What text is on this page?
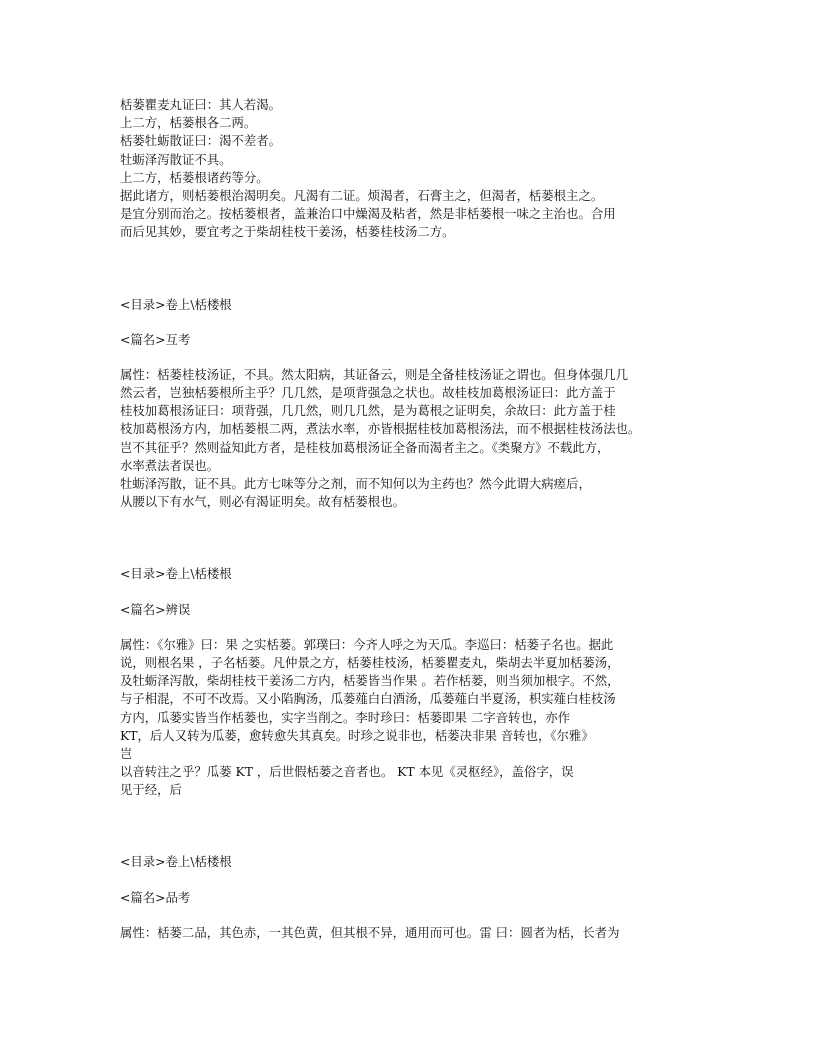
栝蒌瞿麦丸证曰：其人若渴。
上二方，栝蒌根各二两。
栝蒌牡蛎散证曰：渴不差者。
牡蛎泽泻散证不具。
上二方，栝蒌根诸药等分。
据此诸方，则栝蒌根治渴明矣。凡渴有二证。烦渴者，石膏主之，但渴者，栝蒌根主之。
是宜分别而治之。按栝蒌根者，盖兼治口中燥渴及粘者，然是非栝蒌根一味之主治也。合用
而后见其妙，要宜考之于柴胡桂枝干姜汤，栝蒌桂枝汤二方。
<目录>卷上\栝楼根
<篇名>互考
属性：栝蒌桂枝汤证，不具。然太阳病，其证备云，则是全备桂枝汤证之谓也。但身体强几几
然云者，岂独栝蒌根所主乎？几几然，是项背强急之状也。故桂枝加葛根汤证曰：此方盖于
桂枝加葛根汤证曰：项背强，几几然，则几几然，是为葛根之证明矣，余故曰：此方盖于桂
枝加葛根汤方内，加栝蒌根二两，煮法水率，亦皆根据桂枝加葛根汤法，而不根据桂枝汤法也。
岂不其征乎？然则益知此方者，是桂枝加葛根汤证全备而渴者主之。《类聚方》不载此方，
水率煮法者误也。
牡蛎泽泻散，证不具。此方七味等分之剂，而不知何以为主药也？然今此谓大病瘥后，
从腰以下有水气，则必有渴证明矣。故有栝蒌根也。
<目录>卷上\栝楼根
<篇名>辨误
属性：《尔雅》曰：果 之实栝蒌。郭璞曰：今齐人呼之为天瓜。李巡曰：栝蒌子名也。据此
说，则根名果 ，子名栝蒌。凡仲景之方，栝蒌桂枝汤，栝蒌瞿麦丸，柴胡去半夏加栝蒌汤，
及牡蛎泽泻散，柴胡桂枝干姜汤二方内，栝蒌皆当作果 。若作栝蒌，则当须加根字。不然，
与子相混，不可不改焉。又小陷胸汤，瓜蒌薤白白酒汤，瓜蒌薤白半夏汤，枳实薤白桂枝汤
方内，瓜蒌实皆当作栝蒌也，实字当削之。李时珍曰：栝蒌即果 二字音转也，亦作
KT，后人又转为瓜蒌，愈转愈失其真矣。时珍之说非也，栝蒌决非果 音转也，《尔雅》
岂
以音转注之乎？瓜蒌 KT ，后世假栝蒌之音者也。 KT 本见《灵枢经》，盖俗字，误
见于经，后
<目录>卷上\栝楼根
<篇名>品考
属性：栝蒌二品，其色赤，一其色黄，但其根不异，通用而可也。雷 曰：圆者为栝，长者为
